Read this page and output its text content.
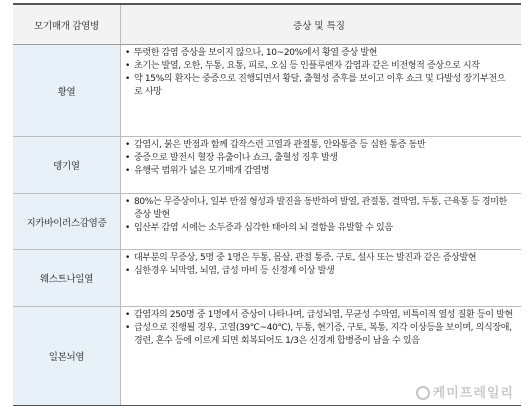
모기매개 감염병	증상 및 특징
황열
• 뚜렷한 감염 증상을 보이지 않으나, 10~20%에서 황열 증상 발현
• 초기는 발열, 오한, 두통, 요통, 피로, 오심 등 인플루엔자 감염과 같은 비전형적 증상으로 시작
• 약 15%의 환자는 중증으로 진행되면서 황달, 출혈성 증후를 보이고 이후 쇼크 및 다발성 장기부전으로 사망
뎅기열
• 감염시, 붉은 반점과 함께 갑작스런 고열과 관절통, 안와통증 등 심한 통증 동반
• 중증으로 발전시 혈장 유출이나 쇼크, 출혈성 징후 발생
• 유행국 범위가 넓은 모기매개 감염병
지카바이러스감염증
• 80%는 무증상이나, 일부 반점 형성과 발진을 동반하여 발열, 관절통, 결막염, 두통, 근육통 등 경미한 증상 발현
• 임산부 감염 시에는 소두증과 심각한 태아의 뇌 결함을 유발할 수 있음
웨스트나일열
• 대부분의 무증상, 5명 중 1명은 두통, 몸살, 관절 통증, 구토, 설사 또는 발진과 같은 증상발현
• 심한경우 뇌막염, 뇌염, 급성 마비 등 신경계 이상 발생
일본뇌염
• 감염자의 250명 중 1명에서 증상이 나타나며, 급성뇌염, 무균성 수막염, 비특이적 열성 질환 등이 발현
• 급성으로 진행될 경우, 고열(39℃~40℃), 두통, 현기증, 구토, 복통, 지각 이상등을 보이며, 의식장애, 경련, 혼수 등에 이르게 되면 회복되어도 1/3은 신경계 합병증이 남을 수 있음
케미프레일리
